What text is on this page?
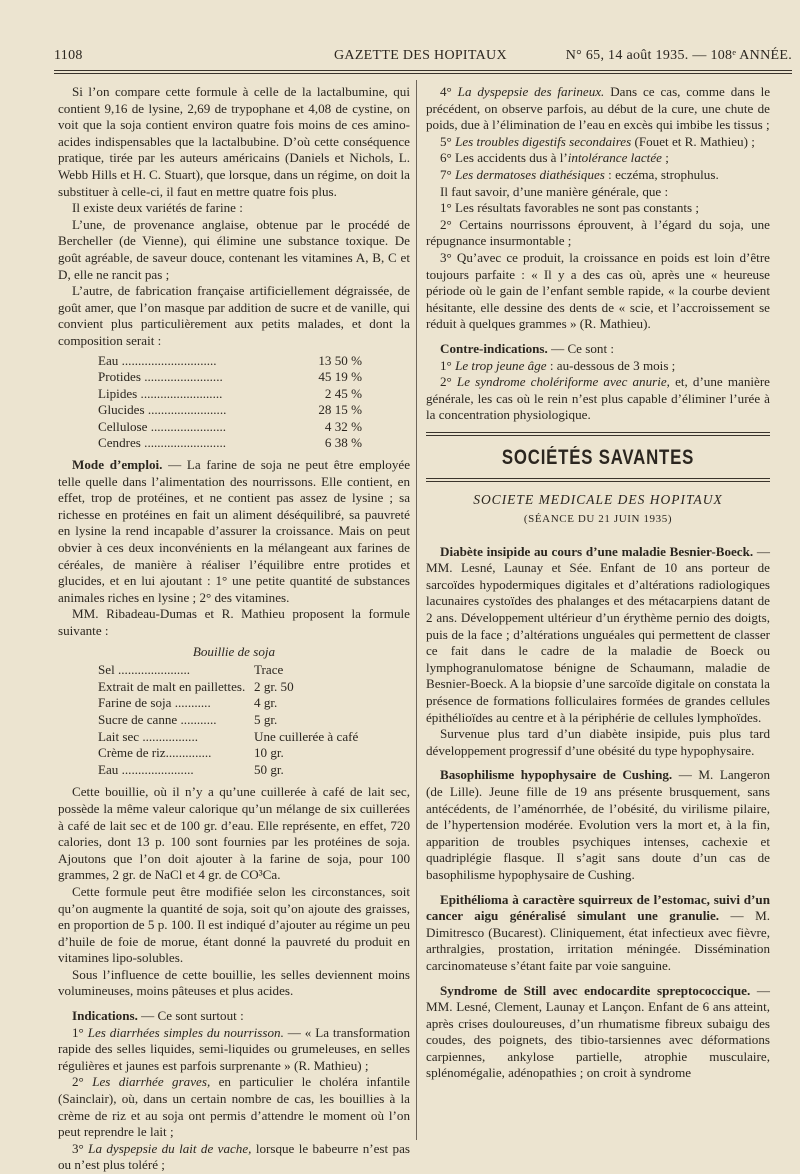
1108	GAZETTE DES HOPITAUX	N° 65, 14 août 1935. — 108ᵉ ANNÉE.

Si l’on compare cette formule à celle de la lactalbumine, qui contient 9,16 de lysine, 2,69 de trypophane et 4,08 de cystine, on voit que la soja contient environ quatre fois moins de ces amino-acides indispensables que la lactalbubine. D’où cette conséquence pratique, tirée par les auteurs américains (Daniels et Nichols, L. Webb Hills et H. C. Stuart), que lorsque, dans un régime, on doit la substituer à celle-ci, il faut en mettre quatre fois plus.

Il existe deux variétés de farine :

L’une, de provenance anglaise, obtenue par le procédé de Bercheller (de Vienne), qui élimine une substance toxique. De goût agréable, de saveur douce, contenant les vitamines A, B, C et D, elle ne rancit pas ;

L’autre, de fabrication française artificiellement dégraissée, de goût amer, que l’on masque par addition de sucre et de vanille, qui convient plus particulièrement aux petits malades, et dont la composition serait :

Eau .............................	13 50 %
Protides ........................	45 19 %
Lipides .........................	2 45 %
Glucides ........................	28 15 %
Cellulose .......................	4 32 %
Cendres .........................	6 38 %

Mode d’emploi. — La farine de soja ne peut être employée telle quelle dans l’alimentation des nourrissons. Elle contient, en effet, trop de protéines, et ne contient pas assez de lysine ; sa richesse en protéines en fait un aliment déséquilibré, sa pauvreté en lysine la rend incapable d’assurer la croissance. Mais on peut obvier à ces deux inconvénients en la mélangeant aux farines de céréales, de manière à réaliser l’équilibre entre protides et glucides, et en lui ajoutant : 1° une petite quantité de substances animales riches en lysine ; 2° des vitamines.

MM. Ribadeau-Dumas et R. Mathieu proposent la formule suivante :

Bouillie de soja
Sel ......................	Trace
Extrait de malt en paillettes.	2 gr. 50
Farine de soja ...........	4 gr.
Sucre de canne ...........	5 gr.
Lait sec .................	Une cuillerée à café
Crème de riz..............	10 gr.
Eau ......................	50 gr.

Cette bouillie, où il n’y a qu’une cuillerée à café de lait sec, possède la même valeur calorique qu’un mélange de six cuillerées à café de lait sec et de 100 gr. d’eau. Elle représente, en effet, 720 calories, dont 13 p. 100 sont fournies par les protéines de soja. Ajoutons que l’on doit ajouter à la farine de soja, pour 100 grammes, 2 gr. de NaCl et 4 gr. de CO³Ca.

Cette formule peut être modifiée selon les circonstances, soit qu’on augmente la quantité de soja, soit qu’on ajoute des graisses, en proportion de 5 p. 100. Il est indiqué d’ajouter au régime un peu d’huile de foie de morue, étant donné la pauvreté du produit en vitamines lipo-solubles.

Sous l’influence de cette bouillie, les selles deviennent moins volumineuses, moins pâteuses et plus acides.

Indications. — Ce sont surtout :

1° Les diarrhées simples du nourrisson. — « La transformation rapide des selles liquides, semi-liquides ou grumeleuses, en selles régulières et jaunes est parfois surprenante » (R. Mathieu) ;

2° Les diarrhée graves, en particulier le choléra infantile (Sainclair), où, dans un certain nombre de cas, les bouillies à la crème de riz et au soja ont permis d’attendre le moment où l’on peut reprendre le lait ;

3° La dyspepsie du lait de vache, lorsque le babeurre n’est pas ou n’est plus toléré ;

4° La dyspepsie des farineux. Dans ce cas, comme dans le précédent, on observe parfois, au début de la cure, une chute de poids, due à l’élimination de l’eau en excès qui imbibe les tissus ;

5° Les troubles digestifs secondaires (Fouet et R. Mathieu) ;

6° Les accidents dus à l’intolérance lactée ;

7° Les dermatoses diathésiques : eczéma, strophulus.

Il faut savoir, d’une manière générale, que :

1° Les résultats favorables ne sont pas constants ;

2° Certains nourrissons éprouvent, à l’égard du soja, une répugnance insurmontable ;

3° Qu’avec ce produit, la croissance en poids est loin d’être toujours parfaite : « Il y a des cas où, après une « heureuse période où le gain de l’enfant semble rapide, « la courbe devient hésitante, elle dessine des dents de « scie, et l’accroissement se réduit à quelques grammes » (R. Mathieu).

Contre-indications. — Ce sont :

1° Le trop jeune âge : au-dessous de 3 mois ;

2° Le syndrome cholériforme avec anurie, et, d’une manière générale, les cas où le rein n’est plus capable d’éliminer l’urée à la concentration physiologique.

SOCIÉTÉS SAVANTES
SOCIETE MEDICALE DES HOPITAUX
(SÉANCE DU 21 JUIN 1935)

Diabète insipide au cours d’une maladie Besnier-Boeck. — MM. Lesné, Launay et Sée. Enfant de 10 ans porteur de sarcoïdes hypodermiques digitales et d’altérations radiologiques lacunaires cystoïdes des phalanges et des métacarpiens datant de 2 ans. Développement ultérieur d’un érythème pernio des doigts, puis de la face ; d’altérations unguéales qui permettent de classer ce fait dans le cadre de la maladie de Boeck ou lymphogranulomatose bénigne de Schaumann, maladie de Besnier-Boeck. A la biopsie d’une sarcoïde digitale on constata la présence de formations folliculaires formées de grandes cellules épithélioïdes au centre et à la périphérie de cellules lymphoïdes.

Survenue plus tard d’un diabète insipide, puis plus tard développement progressif d’une obésité du type hypophysaire.

Basophilisme hypophysaire de Cushing. — M. Langeron (de Lille). Jeune fille de 19 ans présente brusquement, sans antécédents, de l’aménorrhée, de l’obésité, du virilisme pilaire, de l’hypertension modérée. Evolution vers la mort et, à la fin, apparition de troubles psychiques intenses, cachexie et quadriplégie flasque. Il s’agit sans doute d’un cas de basophilisme hypophysaire de Cushing.

Epithélioma à caractère squirreux de l’estomac, suivi d’un cancer aigu généralisé simulant une granulie. — M. Dimitresco (Bucarest). Cliniquement, état infectieux avec fièvre, arthralgies, prostation, irritation méningée. Dissémination carcinomateuse s’étant faite par voie sanguine.

Syndrome de Still avec endocardite spreptococcique. — MM. Lesné, Clement, Launay et Lançon. Enfant de 6 ans atteint, après crises douloureuses, d’un rhumatisme fibreux subaigu des coudes, des poignets, des tibio-tarsiennes avec déformations carpiennes, ankylose partielle, atrophie musculaire, splénomégalie, adénopathies ; on croit à syndrome
